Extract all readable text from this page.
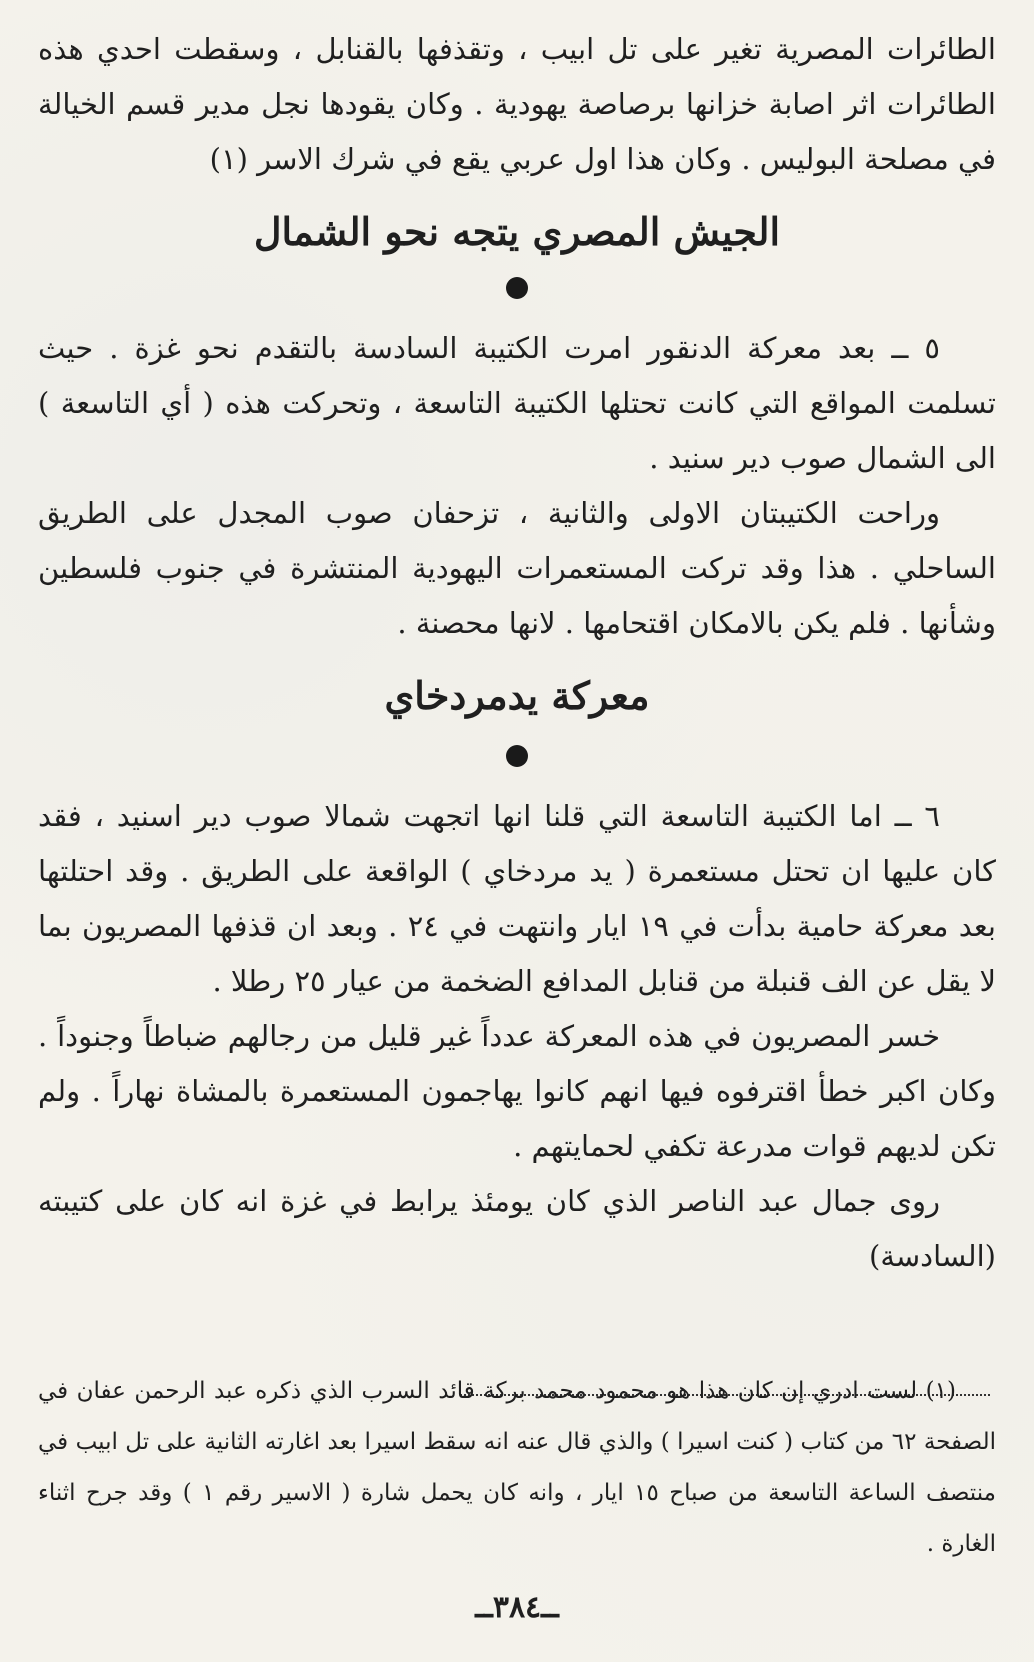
الطائرات المصرية تغير على تل ابيب ، وتقذفها بالقنابل ، وسقطت احدي هذه الطائرات اثر اصابة خزانها برصاصة يهودية . وكان يقودها نجل مدير قسم الخيالة في مصلحة البوليس . وكان هذا اول عربي يقع في شرك الاسر (١)

الجيش المصري يتجه نحو الشمال

٥ ــ بعد معركة الدنقور امرت الكتيبة السادسة بالتقدم نحو غزة . حيث تسلمت المواقع التي كانت تحتلها الكتيبة التاسعة ، وتحركت هذه ( أي التاسعة ) الى الشمال صوب دير سنيد .

وراحت الكتيبتان الاولى والثانية ، تزحفان صوب المجدل على الطريق الساحلي . هذا وقد تركت المستعمرات اليهودية المنتشرة في جنوب فلسطين وشأنها . فلم يكن بالامكان اقتحامها . لانها محصنة .

معركة يدمردخاي

٦ ــ اما الكتيبة التاسعة التي قلنا انها اتجهت شمالا صوب دير اسنيد ، فقد كان عليها ان تحتل مستعمرة ( يد مردخاي ) الواقعة على الطريق . وقد احتلتها بعد معركة حامية بدأت في ١٩ ايار وانتهت في ٢٤ . وبعد ان قذفها المصريون بما لا يقل عن الف قنبلة من قنابل المدافع الضخمة من عيار ٢٥ رطلا .

خسر المصريون في هذه المعركة عدداً غير قليل من رجالهم ضباطاً وجنوداً . وكان اكبر خطأ اقترفوه فيها انهم كانوا يهاجمون المستعمرة بالمشاة نهاراً . ولم تكن لديهم قوات مدرعة تكفي لحمايتهم .

روى جمال عبد الناصر الذي كان يومئذ يرابط في غزة انه كان على كتيبته (السادسة)

(١) لست ادري إن كان هذا هو محمود محمد بركة قائد السرب الذي ذكره عبد الرحمن عفان في الصفحة ٦٢ من كتاب ( كنت اسيرا ) والذي قال عنه انه سقط اسيرا بعد اغارته الثانية على تل ابيب في منتصف الساعة التاسعة من صباح ١٥ ايار ، وانه كان يحمل شارة ( الاسير رقم ١ ) وقد جرح اثناء الغارة .

ــ٣٨٤ــ
